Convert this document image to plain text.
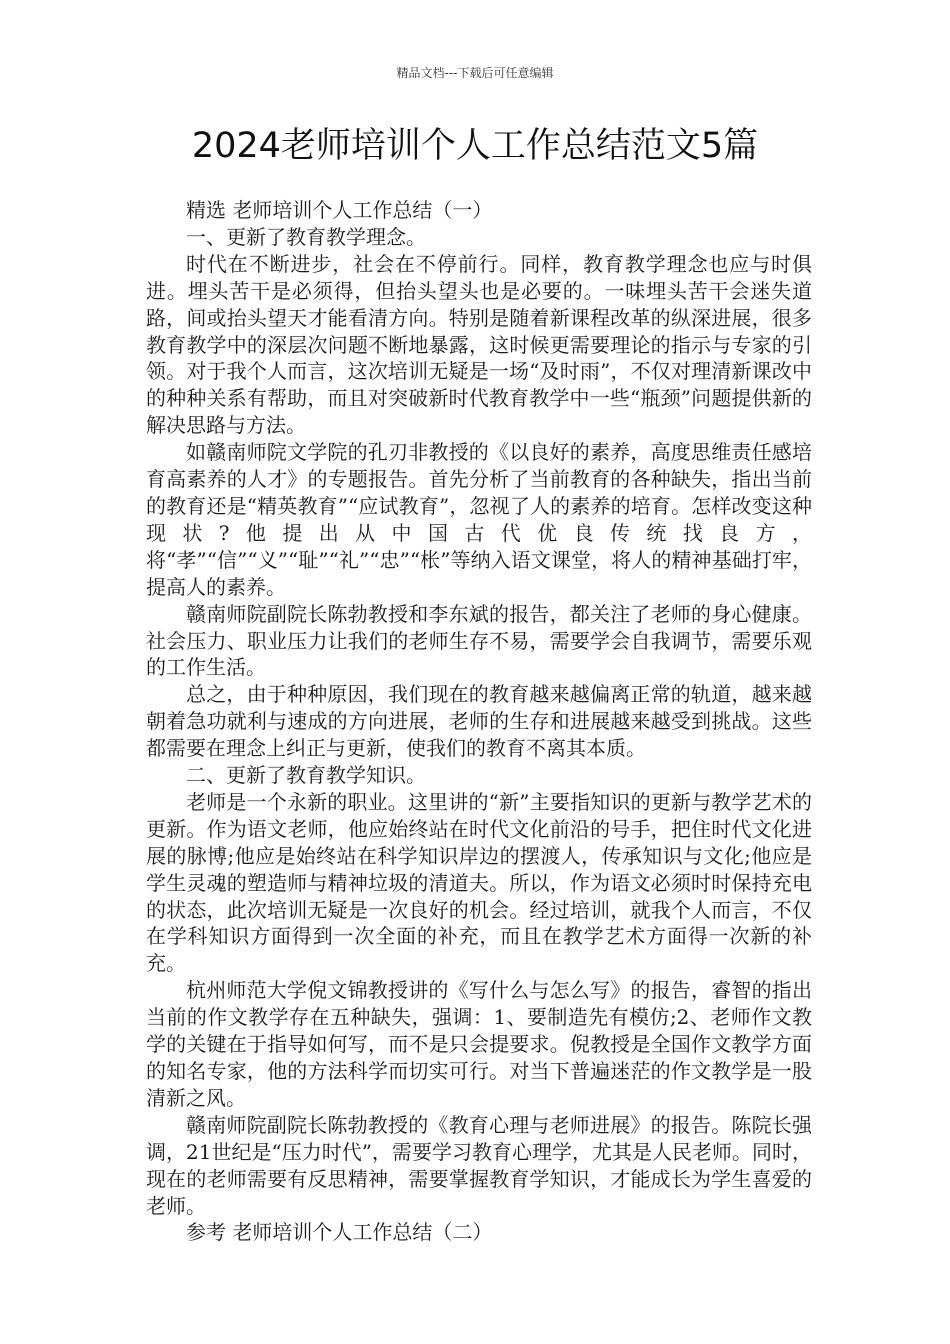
精品文档---下载后可任意编辑
2024老师培训个人工作总结范文5篇

精选 老师培训个人工作总结（一）

一、更新了教育教学理念。

时代在不断进步，社会在不停前行。同样，教育教学理念也应与时俱进。埋头苦干是必须得，但抬头望头也是必要的。一味埋头苦干会迷失道路，间或抬头望天才能看清方向。特别是随着新课程改革的纵深进展，很多教育教学中的深层次问题不断地暴露，这时候更需要理论的指示与专家的引领。对于我个人而言，这次培训无疑是一场“及时雨”，不仅对理清新课改中的种种关系有帮助，而且对突破新时代教育教学中一些“瓶颈”问题提供新的解决思路与方法。

如赣南师院文学院的孔刃非教授的《以良好的素养，高度思维责任感培育高素养的人才》的专题报告。首先分析了当前教育的各种缺失，指出当前的教育还是“精英教育”“应试教育”，忽视了人的素养的培育。怎样改变这种现状?他提出从中国古代优良传统找良方，将“孝”“信”“义”“耻”“礼”“忠”“枨”等纳入语文课堂，将人的精神基础打牢，提高人的素养。

赣南师院副院长陈勃教授和李东斌的报告，都关注了老师的身心健康。社会压力、职业压力让我们的老师生存不易，需要学会自我调节，需要乐观的工作生活。

总之，由于种种原因，我们现在的教育越来越偏离正常的轨道，越来越朝着急功就利与速成的方向进展，老师的生存和进展越来越受到挑战。这些都需要在理念上纠正与更新，使我们的教育不离其本质。

二、更新了教育教学知识。

老师是一个永新的职业。这里讲的“新”主要指知识的更新与教学艺术的更新。作为语文老师，他应始终站在时代文化前沿的号手，把住时代文化进展的脉博;他应是始终站在科学知识岸边的摆渡人，传承知识与文化;他应是学生灵魂的塑造师与精神垃圾的清道夫。所以，作为语文必须时时保持充电的状态，此次培训无疑是一次良好的机会。经过培训，就我个人而言，不仅在学科知识方面得到一次全面的补充，而且在教学艺术方面得一次新的补充。

杭州师范大学倪文锦教授讲的《写什么与怎么写》的报告，睿智的指出当前的作文教学存在五种缺失，强调：1、要制造先有模仿;2、老师作文教学的关键在于指导如何写，而不是只会提要求。倪教授是全国作文教学方面的知名专家，他的方法科学而切实可行。对当下普遍迷茫的作文教学是一股清新之风。

赣南师院副院长陈勃教授的《教育心理与老师进展》的报告。陈院长强调，21世纪是“压力时代”，需要学习教育心理学，尤其是人民老师。同时，现在的老师需要有反思精神，需要掌握教育学知识，才能成长为学生喜爱的老师。

参考 老师培训个人工作总结（二）
